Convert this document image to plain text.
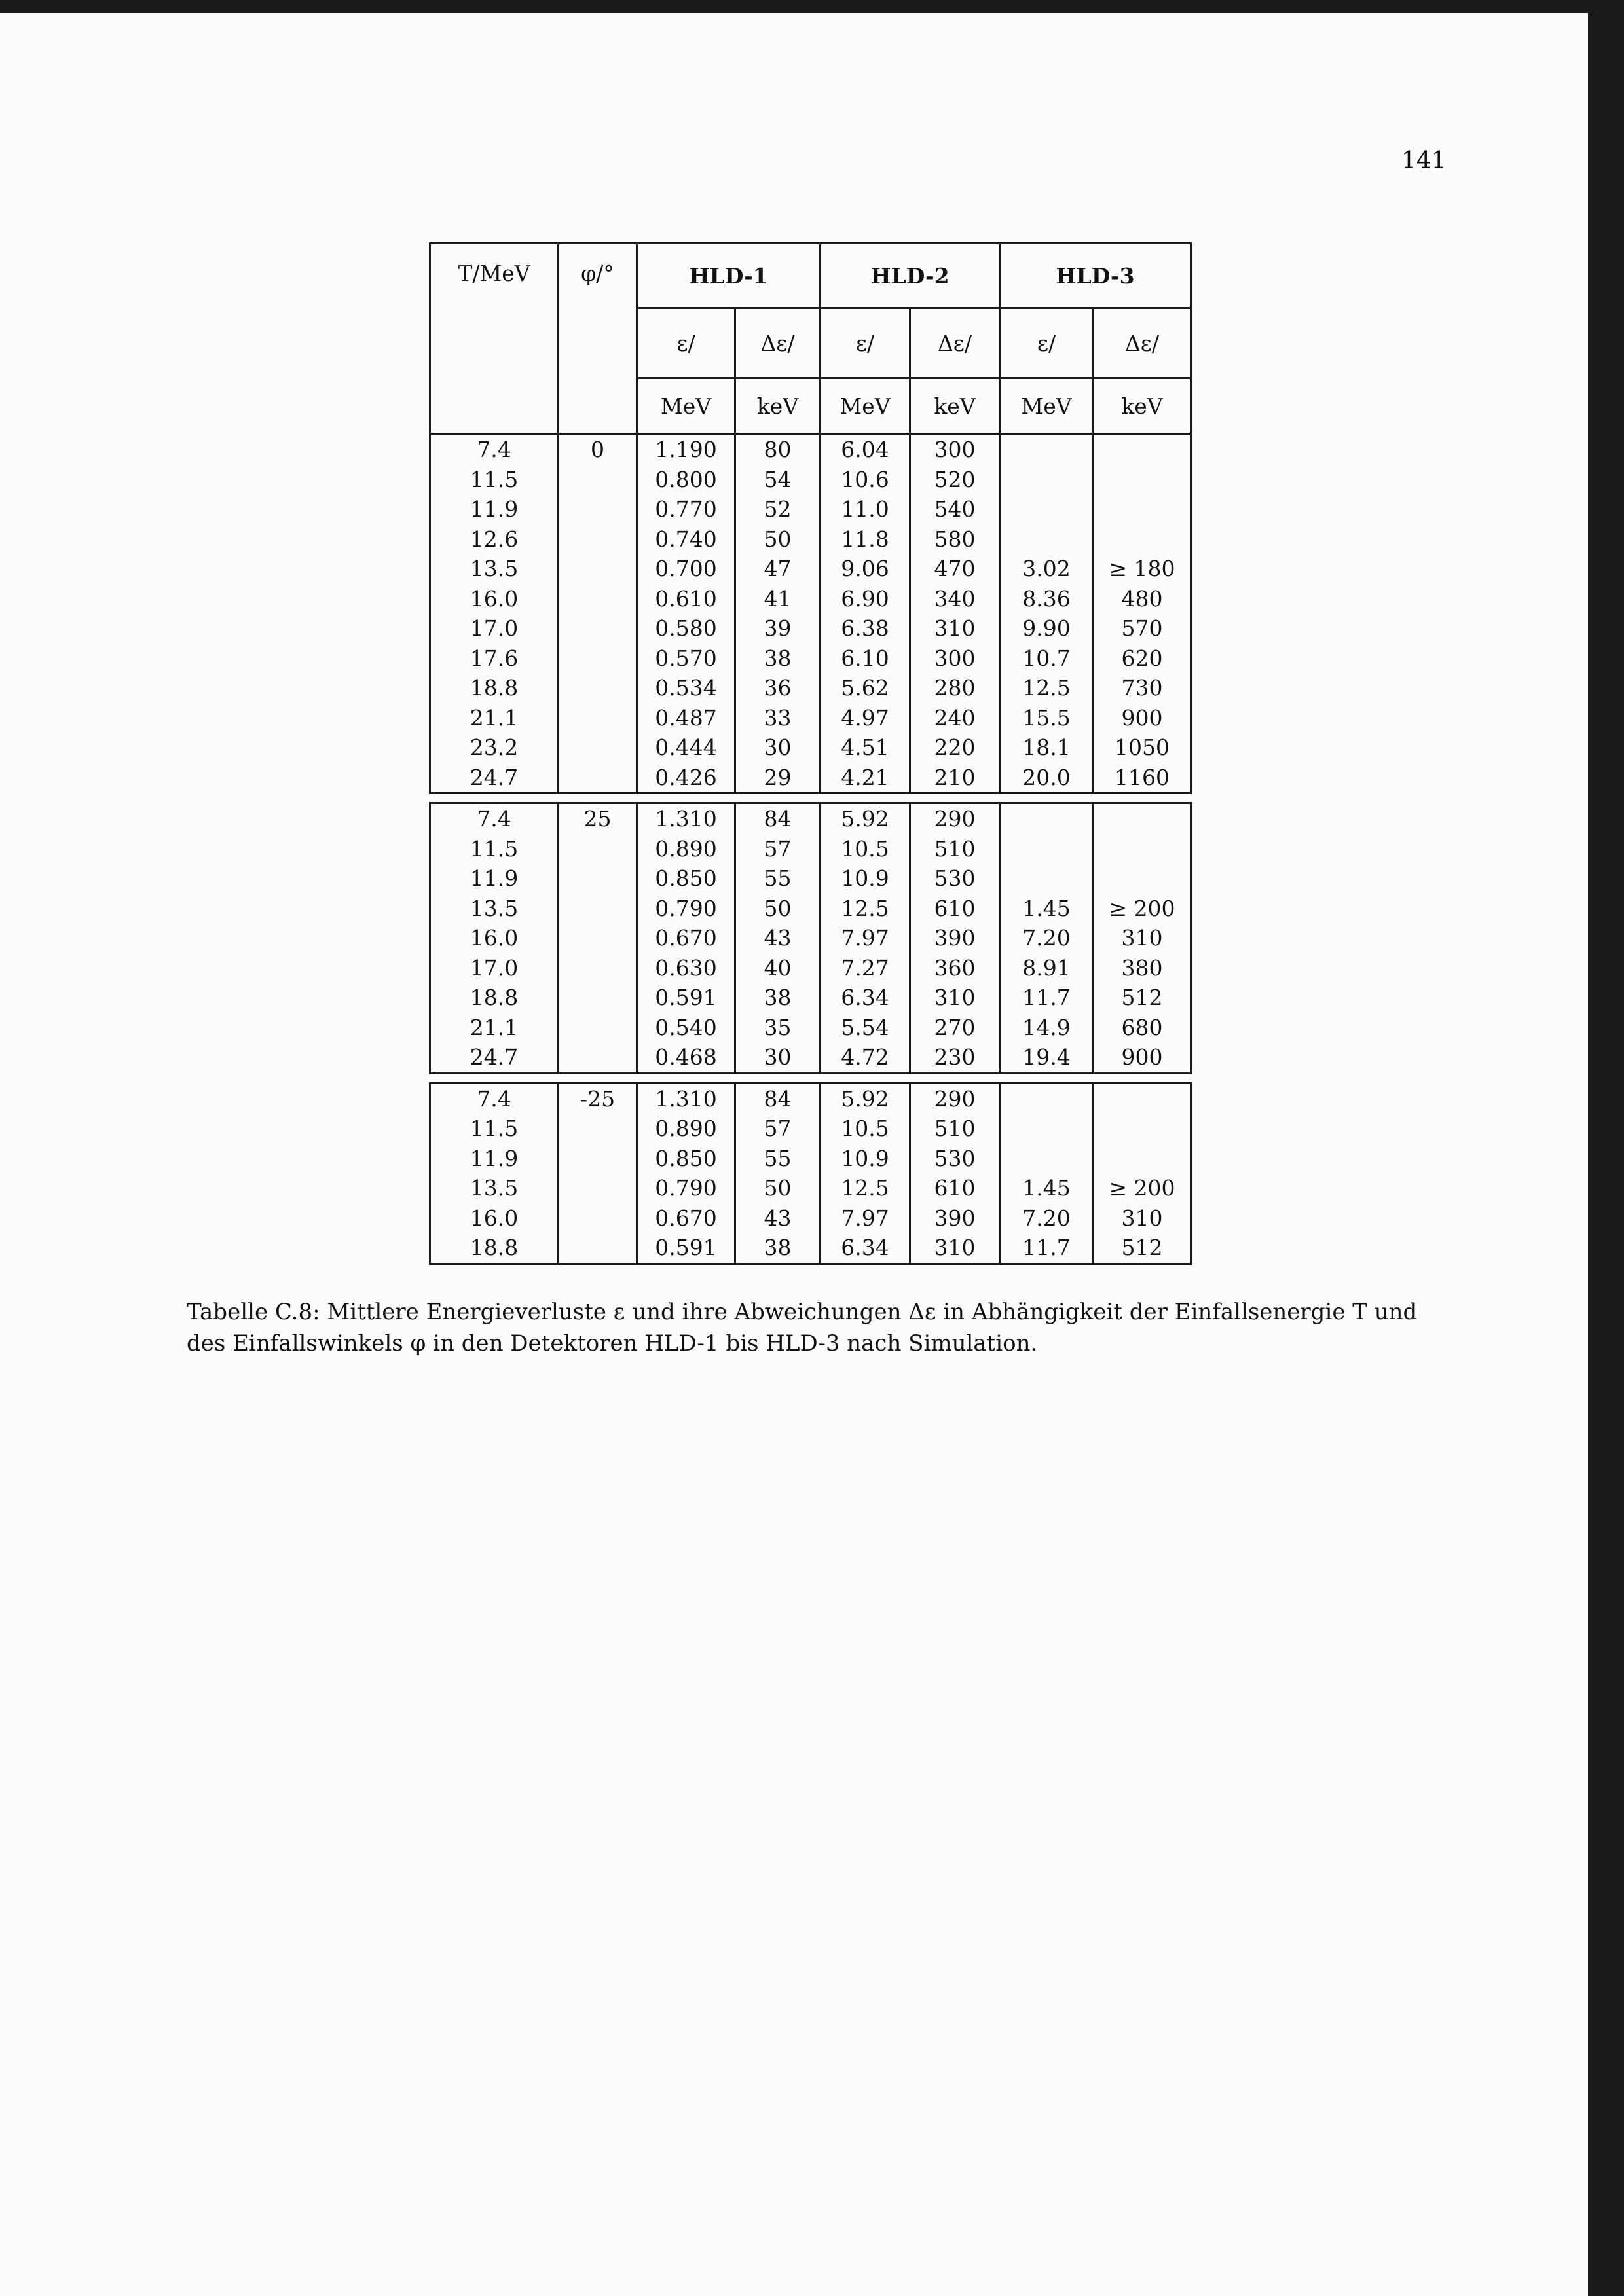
141
T/MeV	φ/°	HLD-1		HLD-2		HLD-3	
		ε/	Δε/	ε/	Δε/	ε/	Δε/
		MeV	keV	MeV	keV	MeV	keV
7.4	0	1.190	80	6.04	300		
11.5		0.800	54	10.6	520		
11.9		0.770	52	11.0	540		
12.6		0.740	50	11.8	580		
13.5		0.700	47	9.06	470	3.02	≥ 180
16.0		0.610	41	6.90	340	8.36	480
17.0		0.580	39	6.38	310	9.90	570
17.6		0.570	38	6.10	300	10.7	620
18.8		0.534	36	5.62	280	12.5	730
21.1		0.487	33	4.97	240	15.5	900
23.2		0.444	30	4.51	220	18.1	1050
24.7		0.426	29	4.21	210	20.0	1160

7.4	25	1.310	84	5.92	290		
11.5		0.890	57	10.5	510		
11.9		0.850	55	10.9	530		
13.5		0.790	50	12.5	610	1.45	≥ 200
16.0		0.670	43	7.97	390	7.20	310
17.0		0.630	40	7.27	360	8.91	380
18.8		0.591	38	6.34	310	11.7	512
21.1		0.540	35	5.54	270	14.9	680
24.7		0.468	30	4.72	230	19.4	900

7.4	-25	1.310	84	5.92	290		
11.5		0.890	57	10.5	510		
11.9		0.850	55	10.9	530		
13.5		0.790	50	12.5	610	1.45	≥ 200
16.0		0.670	43	7.97	390	7.20	310
18.8		0.591	38	6.34	310	11.7	512
Tabelle C.8: Mittlere Energieverluste ε und ihre Abweichungen Δε in Abhängigkeit der Einfallsenergie T und des Einfallswinkels φ in den Detektoren HLD-1 bis HLD-3 nach Simulation.
